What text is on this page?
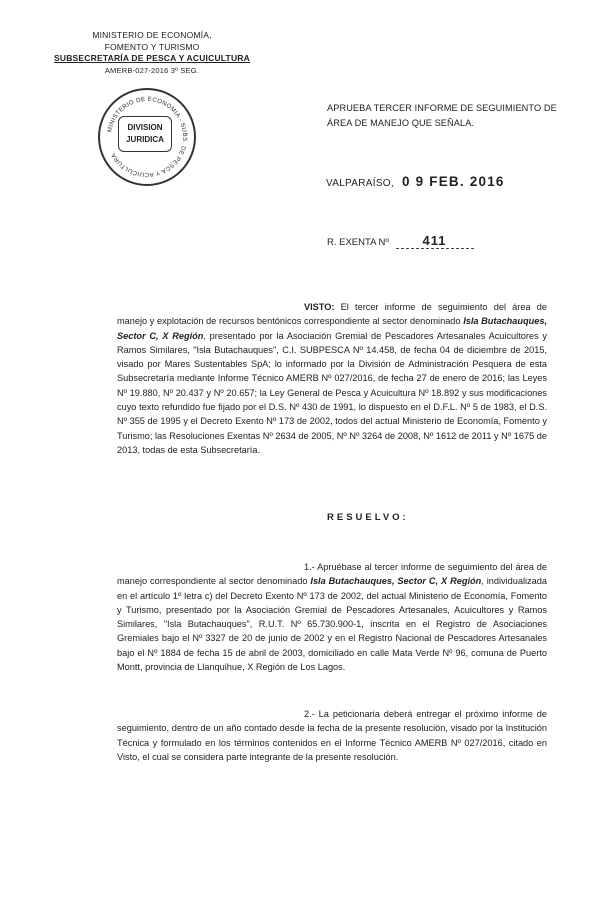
MINISTERIO DE ECONOMÍA,
FOMENTO Y TURISMO
SUBSECRETARÍA DE PESCA Y ACUICULTURA
AMERB-027-2016 3º SEG.
MINISTERIO DE ECONOMIA - SUBS. DE PESCA Y ACUICULTURA
DIVISION
JURIDICA
APRUEBA TERCER INFORME DE SEGUIMIENTO DE ÁREA DE MANEJO QUE SEÑALA.
VALPARAÍSO, 0 9 FEB. 2016
R. EXENTA Nº	411

VISTO: El tercer informe de seguimiento del área de manejo y explotación de recursos bentónicos correspondiente al sector denominado Isla Butachauques, Sector C, X Región, presentado por la Asociación Gremial de Pescadores Artesanales Acuicultores y Ramos Similares, "Isla Butachauques", C.I. SUBPESCA Nº 14.458, de fecha 04 de diciembre de 2015, visado por Mares Sustentables SpA; lo informado por la División de Administración Pesquera de esta Subsecretaría mediante Informe Técnico AMERB Nº 027/2016, de fecha 27 de enero de 2016; las Leyes Nº 19.880, Nº 20.437 y Nº 20.657; la Ley General de Pesca y Acuicultura Nº 18.892 y sus modificaciones cuyo texto refundido fue fijado por el D.S. Nº 430 de 1991, lo dispuesto en el D.F.L. Nº 5 de 1983, el D.S. Nº 355 de 1995 y el Decreto Exento Nº 173 de 2002, todos del actual Ministerio de Economía, Fomento y Turismo; las Resoluciones Exentas Nº 2634 de 2005, Nº Nº 3264 de 2008, Nº 1612 de 2011 y Nº 1675 de 2013, todas de esta Subsecretaría.

RESUELVO:

1.- Apruébase al tercer informe de seguimiento del área de manejo correspondiente al sector denominado Isla Butachauques, Sector C, X Región, individualizada en el artículo 1º letra c) del Decreto Exento Nº 173 de 2002, del actual Ministerio de Economía, Fomento y Turismo, presentado por la Asociación Gremial de Pescadores Artesanales, Acuicultores y Ramos Similares, "Isla Butachauques", R.U.T. Nº 65.730.900-1, inscrita en el Registro de Asociaciones Gremiales bajo el Nº 3327 de 20 de junio de 2002 y en el Registro Nacional de Pescadores Artesanales bajo el Nº 1884 de fecha 15 de abril de 2003, domiciliado en calle Mata Verde Nº 96, comuna de Puerto Montt, provincia de Llanquihue, X Región de Los Lagos.

2.- La peticionaria deberá entregar el próximo informe de seguimiento, dentro de un año contado desde la fecha de la presente resolución, visado por la Institución Técnica y formulado en los términos contenidos en el Informe Técnico AMERB Nº 027/2016, citado en Visto, el cual se considera parte integrante de la presente resolución.
